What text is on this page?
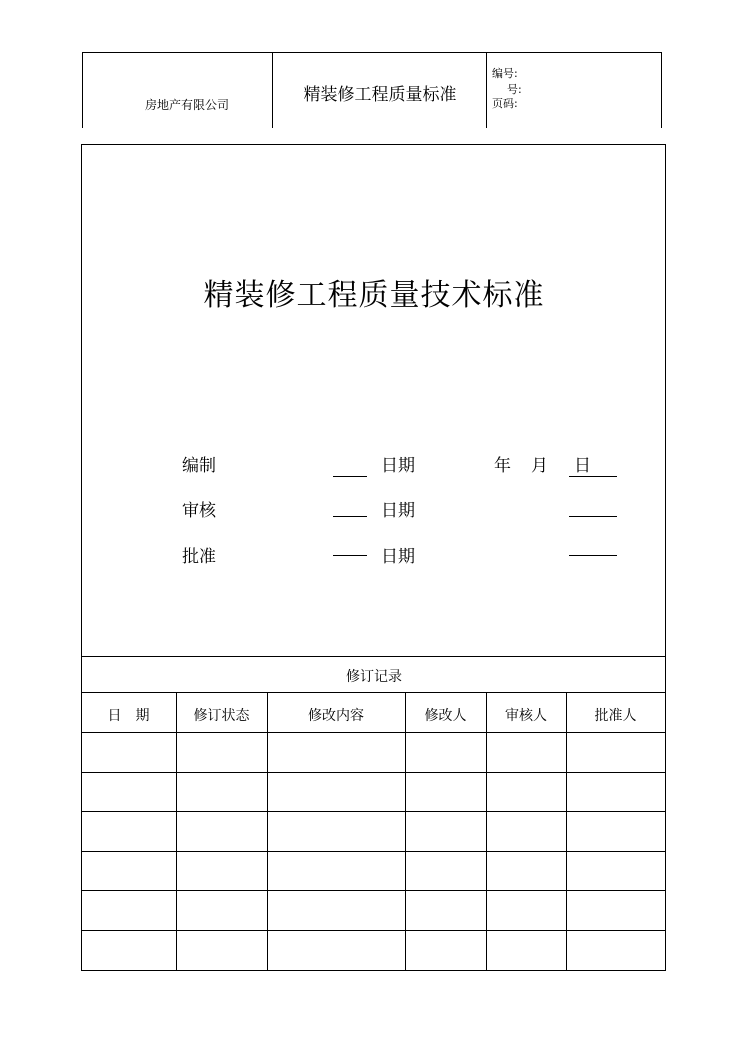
房地产有限公司	精装修工程质量标准
编号:
号:
页码:
精装修工程质量技术标准
编制	日期	年 月 日
审核	日期
批准	日期
修订记录
日　期	修订状态	修改内容	修改人	审核人	批准人
